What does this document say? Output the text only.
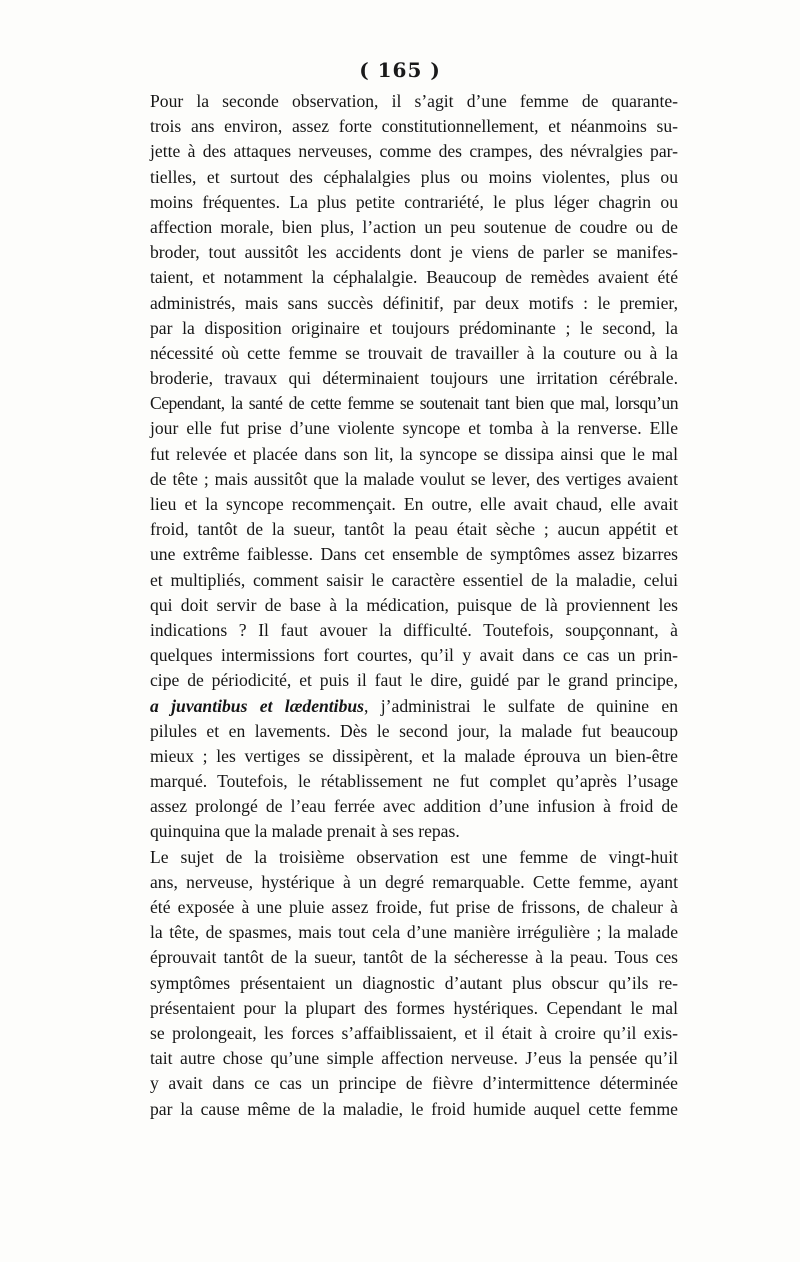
( 165 )

Pour la seconde observation, il s’agit d’une femme de quarante-
trois ans environ, assez forte constitutionnellement, et néanmoins su-
jette à des attaques nerveuses, comme des crampes, des névralgies par-
tielles, et surtout des céphalalgies plus ou moins violentes, plus ou
moins fréquentes. La plus petite contrariété, le plus léger chagrin ou
affection morale, bien plus, l’action un peu soutenue de coudre ou de
broder, tout aussitôt les accidents dont je viens de parler se manifes-
taient, et notamment la céphalalgie. Beaucoup de remèdes avaient été
administrés, mais sans succès définitif, par deux motifs : le premier,
par la disposition originaire et toujours prédominante ; le second, la
nécessité où cette femme se trouvait de travailler à la couture ou à la
broderie, travaux qui déterminaient toujours une irritation cérébrale.
Cependant, la santé de cette femme se soutenait tant bien que mal, lorsqu’un
jour elle fut prise d’une violente syncope et tomba à la renverse. Elle
fut relevée et placée dans son lit, la syncope se dissipa ainsi que le mal
de tête ; mais aussitôt que la malade voulut se lever, des vertiges avaient
lieu et la syncope recommençait. En outre, elle avait chaud, elle avait
froid, tantôt de la sueur, tantôt la peau était sèche ; aucun appétit et
une extrême faiblesse. Dans cet ensemble de symptômes assez bizarres
et multipliés, comment saisir le caractère essentiel de la maladie, celui
qui doit servir de base à la médication, puisque de là proviennent les
indications ? Il faut avouer la difficulté. Toutefois, soupçonnant, à
quelques intermissions fort courtes, qu’il y avait dans ce cas un prin-
cipe de périodicité, et puis il faut le dire, guidé par le grand principe,
a juvantibus et lædentibus, j’administrai le sulfate de quinine en
pilules et en lavements. Dès le second jour, la malade fut beaucoup
mieux ; les vertiges se dissipèrent, et la malade éprouva un bien-être
marqué. Toutefois, le rétablissement ne fut complet qu’après l’usage
assez prolongé de l’eau ferrée avec addition d’une infusion à froid de
quinquina que la malade prenait à ses repas.

Le sujet de la troisième observation est une femme de vingt-huit
ans, nerveuse, hystérique à un degré remarquable. Cette femme, ayant
été exposée à une pluie assez froide, fut prise de frissons, de chaleur à
la tête, de spasmes, mais tout cela d’une manière irrégulière ; la malade
éprouvait tantôt de la sueur, tantôt de la sécheresse à la peau. Tous ces
symptômes présentaient un diagnostic d’autant plus obscur qu’ils re-
présentaient pour la plupart des formes hystériques. Cependant le mal
se prolongeait, les forces s’affaiblissaient, et il était à croire qu’il exis-
tait autre chose qu’une simple affection nerveuse. J’eus la pensée qu’il
y avait dans ce cas un principe de fièvre d’intermittence déterminée
par la cause même de la maladie, le froid humide auquel cette femme
